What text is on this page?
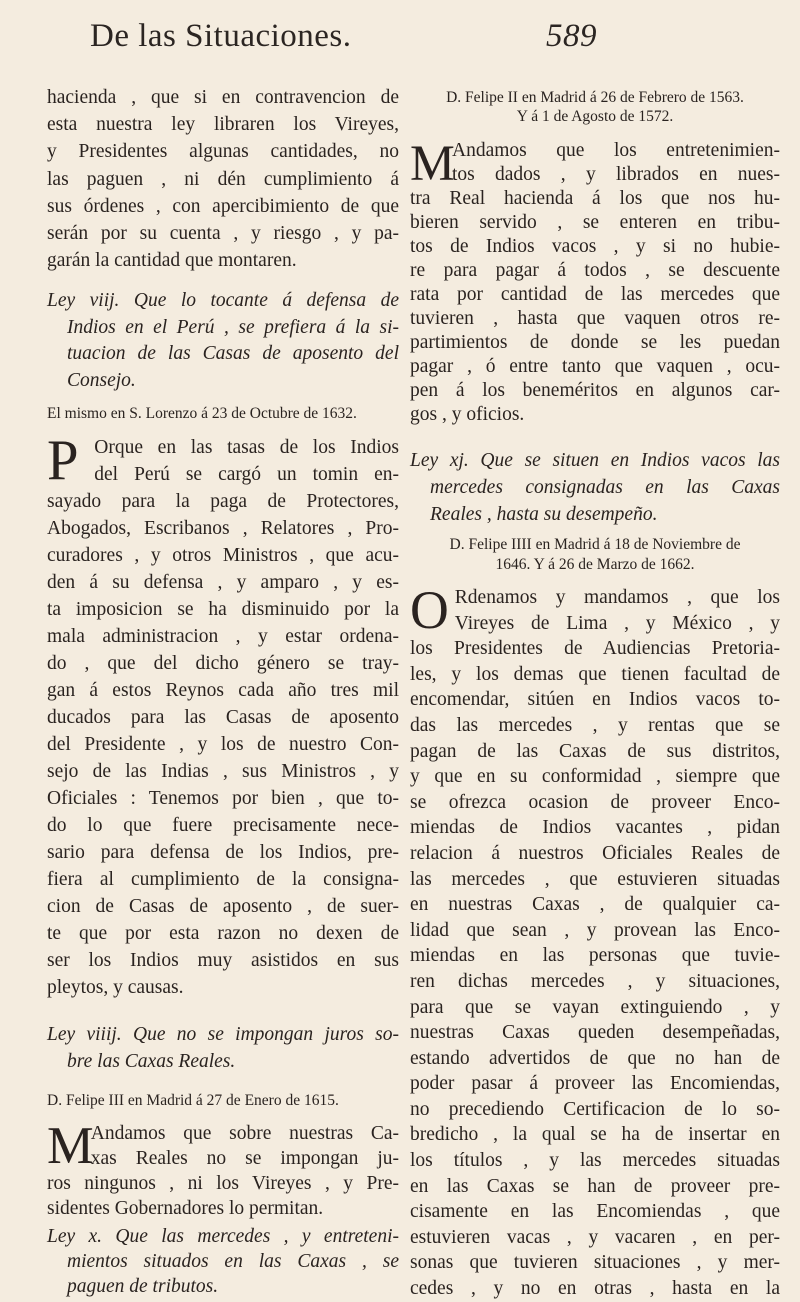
De las Situaciones.	589
hacienda , que si en contravencion de
esta nuestra ley libraren los Vireyes,
y Presidentes algunas cantidades, no
las paguen , ni dén cumplimiento á
sus órdenes , con apercibimiento de que
serán por su cuenta , y riesgo , y pa-
garán la cantidad que montaren.
Ley viij. Que lo tocante á defensa de
Indios en el Perú , se prefiera á la si-
tuacion de las Casas de aposento del
Consejo.
El mismo en S. Lorenzo á 23 de Octubre de 1632.
P Orque en las tasas de los Indios
del Perú se cargó un tomin en-
sayado para la paga de Protectores,
Abogados, Escribanos , Relatores , Pro-
curadores , y otros Ministros , que acu-
den á su defensa , y amparo , y es-
ta imposicion se ha disminuido por la
mala administracion , y estar ordena-
do , que del dicho género se tray-
gan á estos Reynos cada año tres mil
ducados para las Casas de aposento
del Presidente , y los de nuestro Con-
sejo de las Indias , sus Ministros , y
Oficiales : Tenemos por bien , que to-
do lo que fuere precisamente nece-
sario para defensa de los Indios, pre-
fiera al cumplimiento de la consigna-
cion de Casas de aposento , de suer-
te que por esta razon no dexen de
ser los Indios muy asistidos en sus
pleytos, y causas.
Ley viiij. Que no se impongan juros so-
bre las Caxas Reales.
D. Felipe III en Madrid á 27 de Enero de 1615.
M
Andamos que sobre nuestras Ca-
xas Reales no se impongan ju-
ros ningunos , ni los Vireyes , y Pre-
sidentes Gobernadores lo permitan.
Ley x. Que las mercedes , y entreteni-
mientos situados en las Caxas , se
paguen de tributos.
D. Felipe II en Madrid á 26 de Febrero de 1563.
Y á 1 de Agosto de 1572.
M
Andamos que los entretenimien-
tos dados , y librados en nues-
tra Real hacienda á los que nos hu-
bieren servido , se enteren en tribu-
tos de Indios vacos , y si no hubie-
re para pagar á todos , se descuente
rata por cantidad de las mercedes que
tuvieren , hasta que vaquen otros re-
partimientos de donde se les puedan
pagar , ó entre tanto que vaquen , ocu-
pen á los beneméritos en algunos car-
gos , y oficios.
Ley xj. Que se situen en Indios vacos las
mercedes consignadas en las Caxas
Reales , hasta su desempeño.
D. Felipe IIII en Madrid á 18 de Noviembre de
1646. Y á 26 de Marzo de 1662.
O Rdenamos y mandamos , que los
Vireyes de Lima , y México , y
los Presidentes de Audiencias Pretoria-
les, y los demas que tienen facultad de
encomendar, sitúen en Indios vacos to-
das las mercedes , y rentas que se
pagan de las Caxas de sus distritos,
y que en su conformidad , siempre que
se ofrezca ocasion de proveer Enco-
miendas de Indios vacantes , pidan
relacion á nuestros Oficiales Reales de
las mercedes , que estuvieren situadas
en nuestras Caxas , de qualquier ca-
lidad que sean , y provean las Enco-
miendas en las personas que tuvie-
ren dichas mercedes , y situaciones,
para que se vayan extinguiendo , y
nuestras Caxas queden desempeñadas,
estando advertidos de que no han de
poder pasar á proveer las Encomiendas,
no precediendo Certificacion de lo so-
bredicho , la qual se ha de insertar en
los títulos , y las mercedes situadas
en las Caxas se han de proveer pre-
cisamente en las Encomiendas , que
estuvieren vacas , y vacaren , en per-
sonas que tuvieren situaciones , y mer-
cedes , y no en otras , hasta en la
